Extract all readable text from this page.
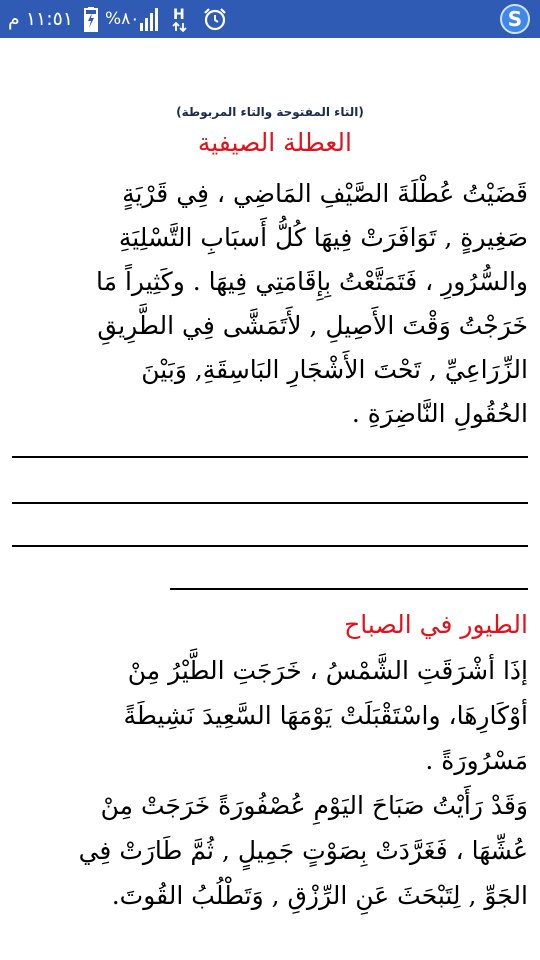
١١:٥١ م ٨٠% H	S
(التاء المفتوحة والتاء المربوطة)
العطلة الصيفية
قَضَيْتُ عُطْلَةَ الصَّيْفِ المَاضِي ، فِي قَرْيَةٍ
صَغِيرةٍ , تَوَافَرَتْ فِيهَا كُلُّ أَسبَابِ التَّسْلِيَةِ
والسُّرُورِ ، فَتَمَتَّعْتُ بِإِقَامَتِي فِيهَا . وكَثِيراً مَا
خَرَجْتُ وَقْتَ الأَصِيلِ , لأَتَمَشَّى فِي الطَّرِيقِ
الزِّرَاعِيِّ , تَحْتَ الأَشْجَارِ البَاسِقَةِ, وَبَيْنَ
الحُقُولِ النَّاضِرَةِ .
الطيور في الصباح
إذَا أشْرَقَتِ الشَّمْسُ ، خَرَجَتِ الطَّيْرُ مِنْ
أوْكَارِهَا، واسْتَقْبَلَتْ يَوْمَهَا السَّعِيدَ نَشِيطَةً
مَسْرُورَةً .
وَقَدْ رَأَيْتُ صَبَاحَ اليَوْمِ عُصْفُورَةً خَرَجَتْ مِنْ
عُشِّهَا ، فَغَرَّدَتْ بِصَوْتٍ جَمِيلٍ , ثُمَّ طَارَتْ فِي
الجَوِّ , لِتَبْحَثَ عَنِ الرِّزْقِ , وَتَطْلُبُ القُوتَ.
